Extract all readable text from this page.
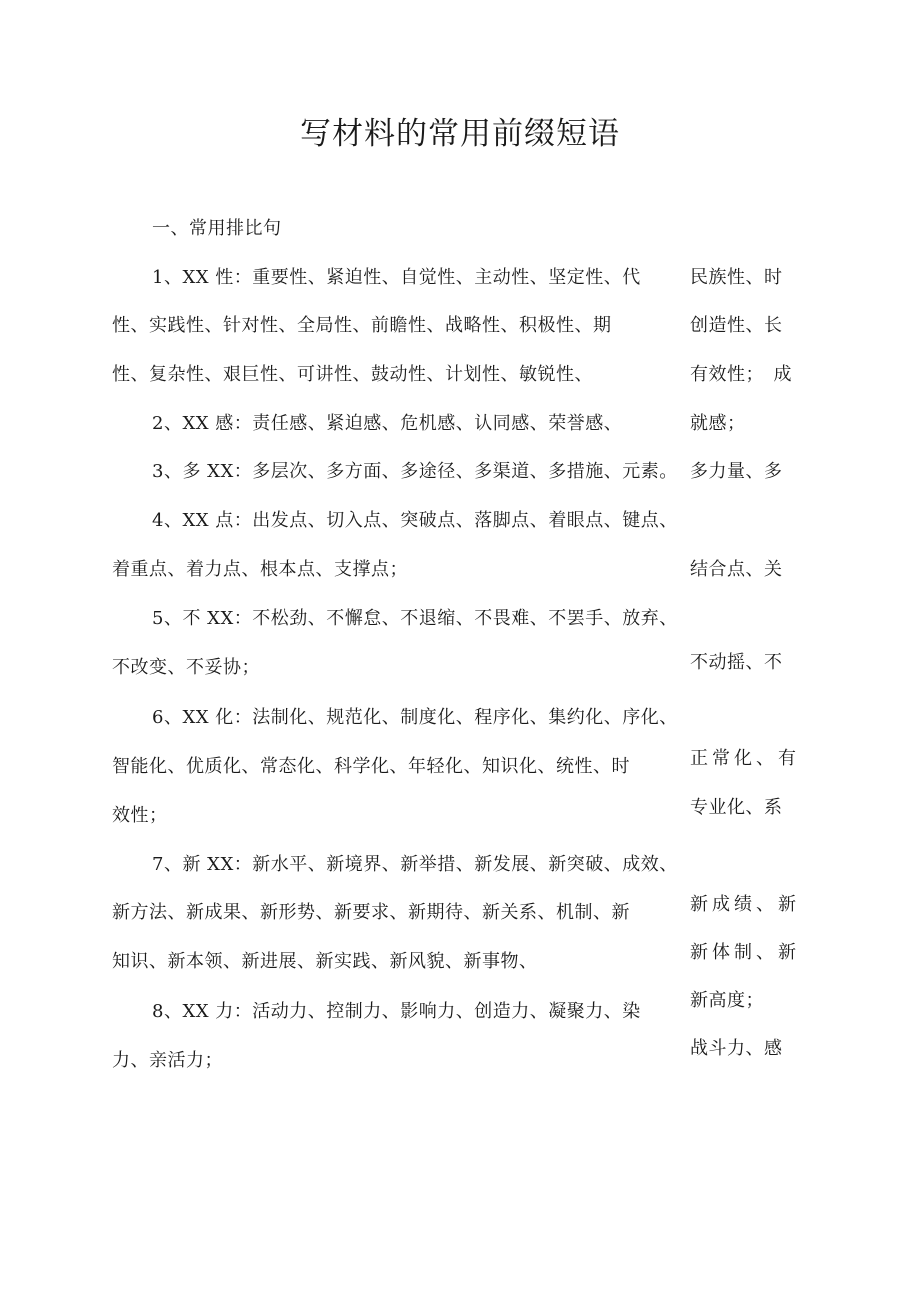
写材料的常用前缀短语
一、常用排比句
1、XX 性：重要性、紧迫性、自觉性、主动性、坚定性、代
性、实践性、针对性、全局性、前瞻性、战略性、积极性、期
性、复杂性、艰巨性、可讲性、鼓动性、计划性、敏锐性、
2、XX 感：责任感、紧迫感、危机感、认同感、荣誉感、
3、多 XX：多层次、多方面、多途径、多渠道、多措施、元素。
4、XX 点：出发点、切入点、突破点、落脚点、着眼点、键点、
着重点、着力点、根本点、支撑点；
5、不 XX：不松劲、不懈怠、不退缩、不畏难、不罢手、放弃、
不改变、不妥协；
6、XX 化：法制化、规范化、制度化、程序化、集约化、序化、
智能化、优质化、常态化、科学化、年轻化、知识化、统性、时
效性；
7、新 XX：新水平、新境界、新举措、新发展、新突破、成效、
新方法、新成果、新形势、新要求、新期待、新关系、机制、新
知识、新本领、新进展、新实践、新风貌、新事物、
8、XX 力：活动力、控制力、影响力、创造力、凝聚力、染
力、亲活力；
民族性、时
创造性、长
有效性；　成
就感；
多力量、多
结合点、关
不动摇、不
正常化、有
专业化、系
新成绩、新
新体制、新
新高度；
战斗力、感
